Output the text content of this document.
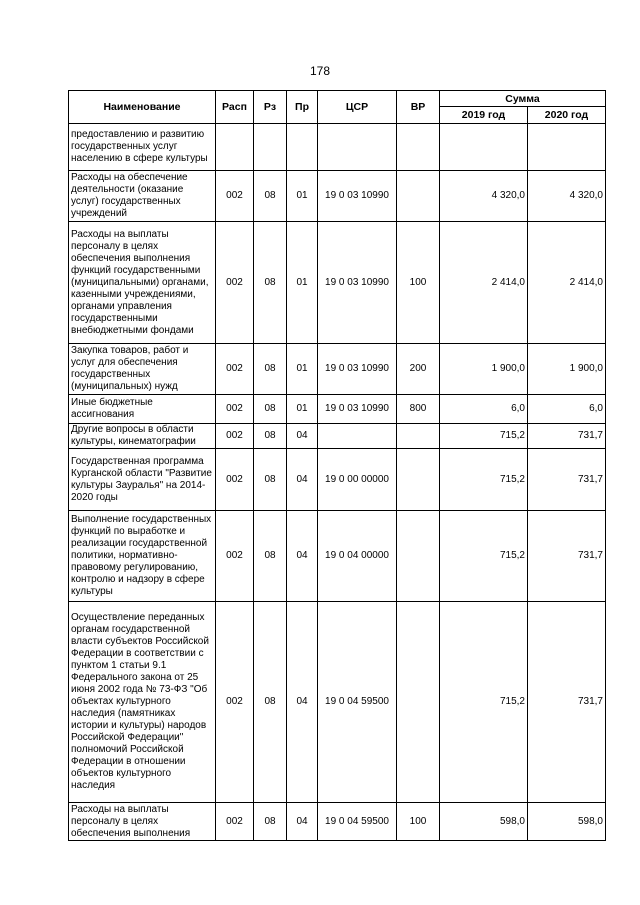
178
Наименование	Расп	Рз	Пр	ЦСР	ВР	Сумма	
						2019 год	2020 год
предоставлению и развитию государственных услуг населению в сфере культуры							
Расходы на обеспечение деятельности (оказание услуг) государственных учреждений	002	08	01	19 0 03 10990		4 320,0	4 320,0
Расходы на выплаты персоналу в целях обеспечения выполнения функций государственными (муниципальными) органами, казенными учреждениями, органами управления государственными внебюджетными фондами	002	08	01	19 0 03 10990	100	2 414,0	2 414,0
Закупка товаров, работ и услуг для обеспечения государственных (муниципальных) нужд	002	08	01	19 0 03 10990	200	1 900,0	1 900,0
Иные бюджетные ассигнования	002	08	01	19 0 03 10990	800	6,0	6,0
Другие вопросы в области культуры, кинематографии	002	08	04			715,2	731,7
Государственная программа Курганской области "Развитие культуры Зауралья" на 2014-2020 годы	002	08	04	19 0 00 00000		715,2	731,7
Выполнение государственных функций по выработке и реализации государственной политики, нормативно-правовому регулированию, контролю и надзору в сфере культуры	002	08	04	19 0 04 00000		715,2	731,7
Осуществление переданных органам государственной власти субъектов Российской Федерации в соответствии с пунктом 1 статьи 9.1 Федерального закона от 25 июня 2002 года № 73-ФЗ "Об объектах культурного наследия (памятниках истории и культуры) народов Российской Федерации" полномочий Российской Федерации в отношении объектов культурного наследия	002	08	04	19 0 04 59500		715,2	731,7
Расходы на выплаты персоналу в целях обеспечения выполнения	002	08	04	19 0 04 59500	100	598,0	598,0
